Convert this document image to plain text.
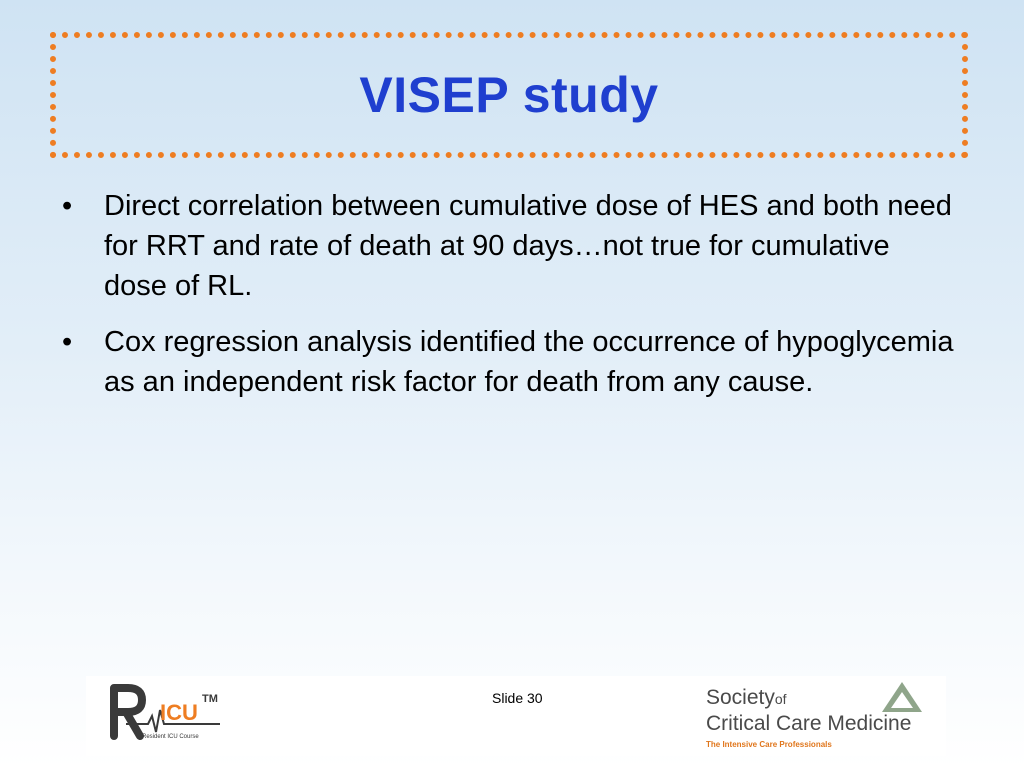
VISEP study
•	Direct correlation between cumulative dose of HES and both need for RRT and rate of death at 90 days…not true for cumulative dose of RL.
•	Cox regression analysis identified the occurrence of hypoglycemia as an independent risk factor for death from any cause.
ICU
Resident ICU Course
TM	Slide 30	Societyof
Critical Care Medicine
The Intensive Care Professionals
